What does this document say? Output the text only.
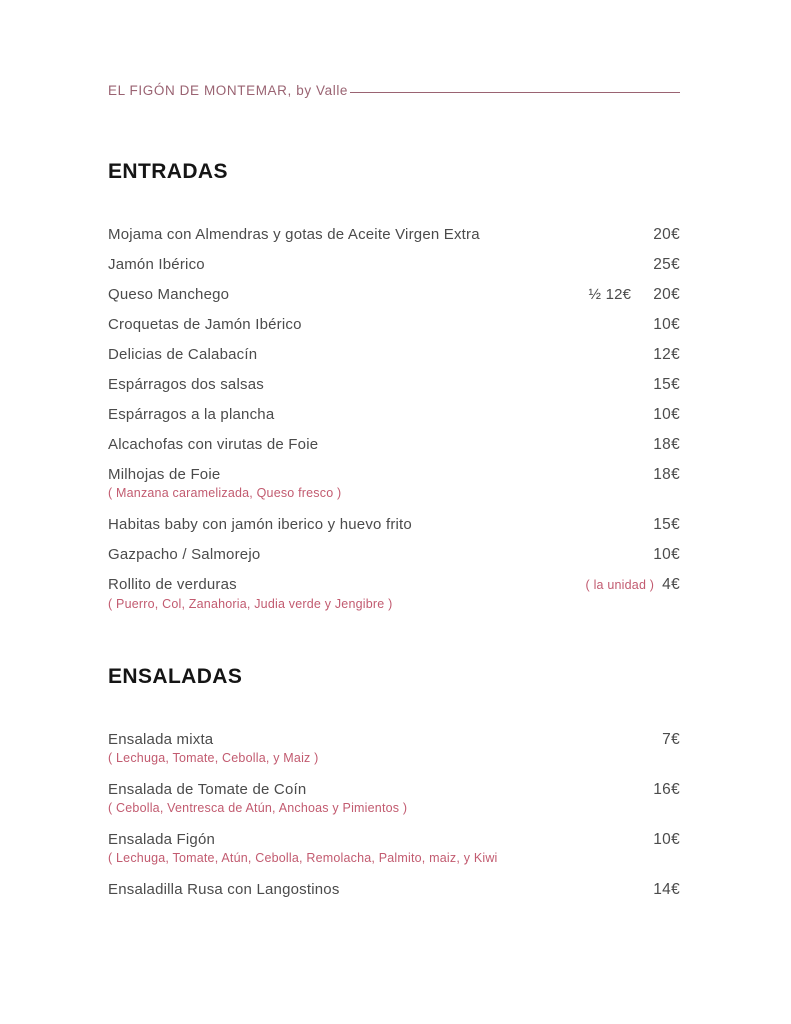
EL FIGÓN DE MONTEMAR, by Valle
ENTRADAS
Mojama con Almendras y gotas de Aceite Virgen Extra	20€
Jamón Ibérico	25€
Queso Manchego	½ 12€ 20€
Croquetas de Jamón Ibérico	10€
Delicias de Calabacín	12€
Espárragos dos salsas	15€
Espárragos a la plancha	10€
Alcachofas con virutas de Foie	18€
Milhojas de Foie	18€
( Manzana caramelizada, Queso fresco )
Habitas baby con jamón iberico y huevo frito	15€
Gazpacho / Salmorejo	10€
Rollito de verduras	( la unidad ) 4€
( Puerro, Col, Zanahoria, Judia verde y Jengibre )
ENSALADAS
Ensalada mixta	7€
( Lechuga, Tomate, Cebolla, y Maiz )
Ensalada de Tomate de Coín	16€
( Cebolla, Ventresca de Atún, Anchoas y Pimientos )
Ensalada Figón	10€
( Lechuga, Tomate, Atún, Cebolla, Remolacha, Palmito, maiz, y Kiwi
Ensaladilla Rusa con Langostinos	14€
